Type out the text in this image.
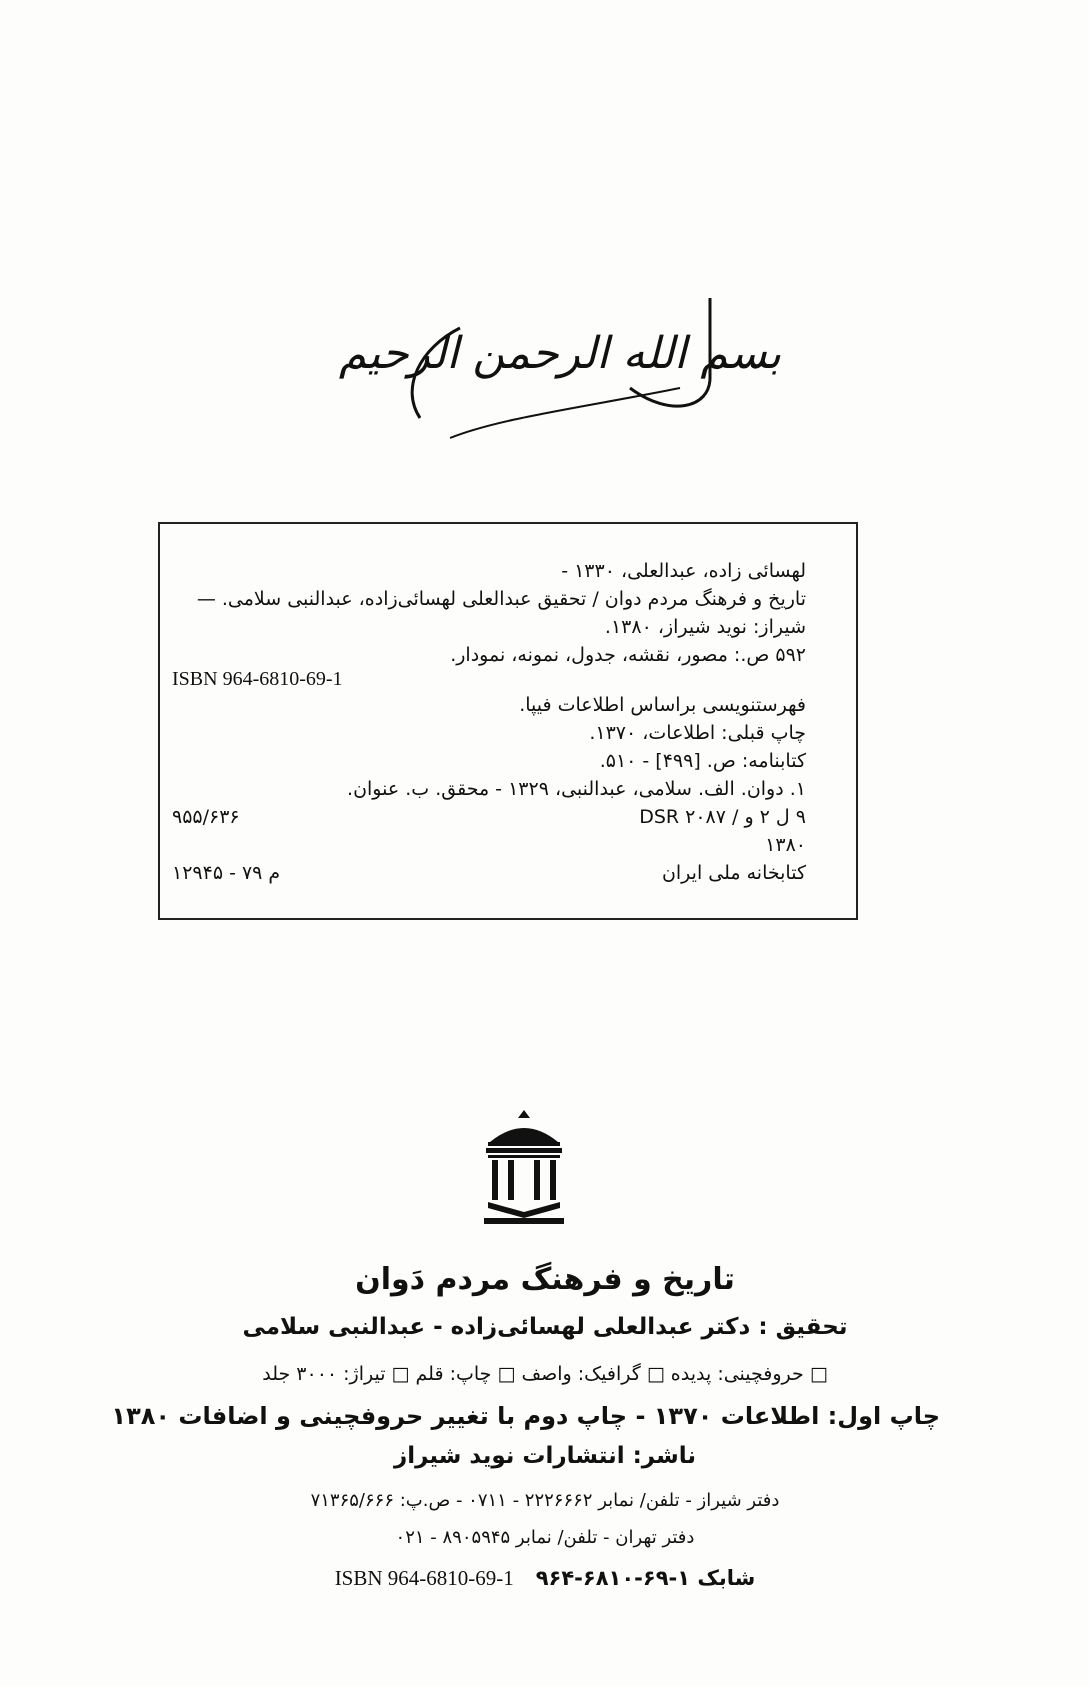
بسم الله الرحمن الرحیم
لهسائی زاده، عبدالعلی، ۱۳۳۰ -
تاریخ و فرهنگ مردم دوان / تحقیق عبدالعلی لهسائی‌زاده، عبدالنبی سلامی. —
شیراز: نوید شیراز، ۱۳۸۰.
۵۹۲ ص.: مصور، نقشه، جدول، نمونه، نمودار.
ISBN 964-6810-69-1
فهرستنویسی براساس اطلاعات فیپا.
چاپ قبلی: اطلاعات، ۱۳۷۰.
کتابنامه: ص. [۴۹۹] - ۵۱۰.
۱. دوان. الف. سلامی، عبدالنبی، ۱۳۲۹ - محقق. ب. عنوان.
۹ ل ۲ و / DSR ۲۰۸۷
۹۵۵/۶۳۶
۱۳۸۰
کتابخانه ملی ایران
م ۷۹ - ۱۲۹۴۵
تاریخ و فرهنگ مردم دَوان
تحقیق : دکتر عبدالعلی لهسائی‌زاده - عبدالنبی سلامی
□ حروفچینی: پدیده □ گرافیک: واصف □ چاپ: قلم □ تیراژ: ۳۰۰۰ جلد
چاپ اول: اطلاعات ۱۳۷۰ - چاپ دوم با تغییر حروفچینی و اضافات ۱۳۸۰
ناشر: انتشارات نوید شیراز
دفتر شیراز - تلفن/ نمابر ۲۲۲۶۶۶۲ - ۰۷۱۱ - ص.پ: ۷۱۳۶۵/۶۶۶
دفتر تهران - تلفن/ نمابر ۸۹۰۵۹۴۵ - ۰۲۱
شابک ۱-۶۹-۶۸۱۰-۹۶۴   ISBN 964-6810-69-1
